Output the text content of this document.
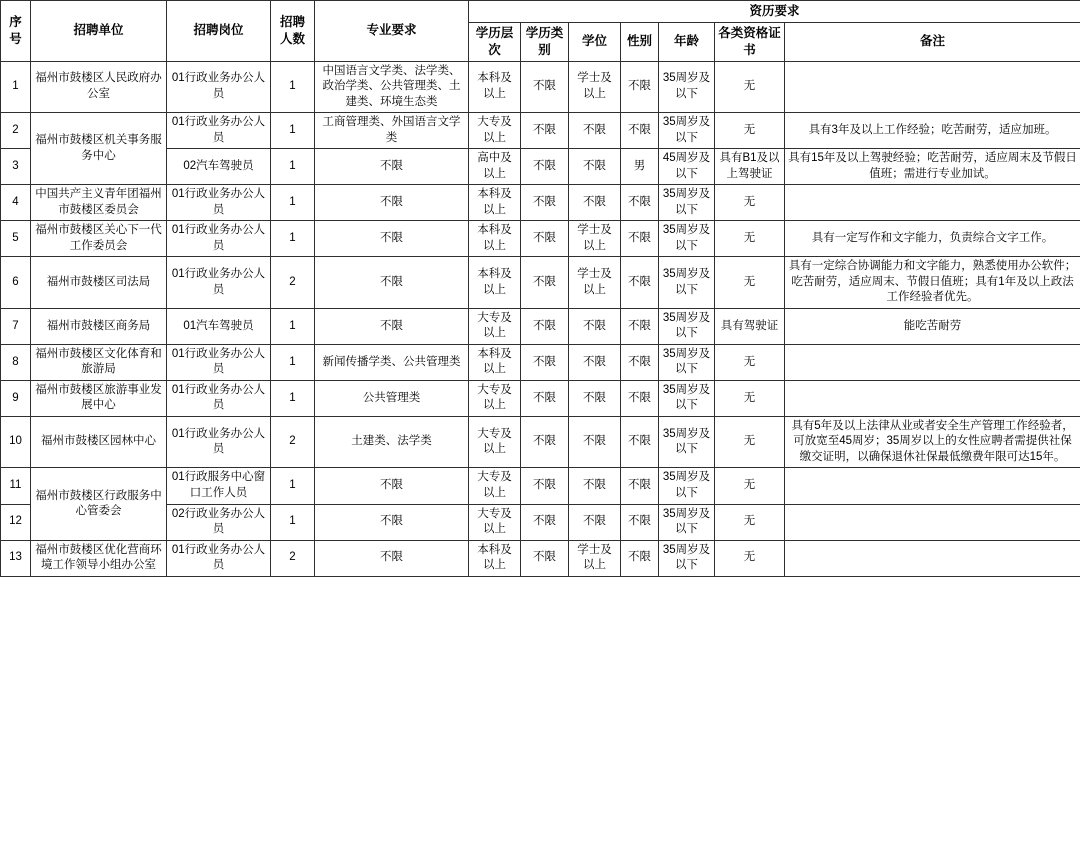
序号	招聘单位	招聘岗位	招聘人数	专业要求	资历要求						
					学历层次	学历类别	学位	性别	年龄	各类资格证书	备注
1	福州市鼓楼区人民政府办公室	01行政业务办公人员	1	中国语言文学类、法学类、政治学类、公共管理类、土建类、环境生态类	本科及以上	不限	学士及以上	不限	35周岁及以下	无	
2	福州市鼓楼区机关事务服务中心	01行政业务办公人员	1	工商管理类、外国语言文学类	大专及以上	不限	不限	不限	35周岁及以下	无	具有3年及以上工作经验；吃苦耐劳，适应加班。
3		02汽车驾驶员	1	不限	高中及以上	不限	不限	男	45周岁及以下	具有B1及以上驾驶证	具有15年及以上驾驶经验；吃苦耐劳，适应周末及节假日值班；需进行专业加试。
4	中国共产主义青年团福州市鼓楼区委员会	01行政业务办公人员	1	不限	本科及以上	不限	不限	不限	35周岁及以下	无	
5	福州市鼓楼区关心下一代工作委员会	01行政业务办公人员	1	不限	本科及以上	不限	学士及以上	不限	35周岁及以下	无	具有一定写作和文字能力，负责综合文字工作。
6	福州市鼓楼区司法局	01行政业务办公人员	2	不限	本科及以上	不限	学士及以上	不限	35周岁及以下	无	具有一定综合协调能力和文字能力，熟悉使用办公软件；吃苦耐劳，适应周末、节假日值班；具有1年及以上政法工作经验者优先。
7	福州市鼓楼区商务局	01汽车驾驶员	1	不限	大专及以上	不限	不限	不限	35周岁及以下	具有驾驶证	能吃苦耐劳
8	福州市鼓楼区文化体育和旅游局	01行政业务办公人员	1	新闻传播学类、公共管理类	本科及以上	不限	不限	不限	35周岁及以下	无	
9	福州市鼓楼区旅游事业发展中心	01行政业务办公人员	1	公共管理类	大专及以上	不限	不限	不限	35周岁及以下	无	
10	福州市鼓楼区园林中心	01行政业务办公人员	2	土建类、法学类	大专及以上	不限	不限	不限	35周岁及以下	无	具有5年及以上法律从业或者安全生产管理工作经验者，可放宽至45周岁；35周岁以上的女性应聘者需提供社保缴交证明，以确保退休社保最低缴费年限可达15年。
11	福州市鼓楼区行政服务中心管委会	01行政服务中心窗口工作人员	1	不限	大专及以上	不限	不限	不限	35周岁及以下	无	
12		02行政业务办公人员	1	不限	大专及以上	不限	不限	不限	35周岁及以下	无	
13	福州市鼓楼区优化营商环境工作领导小组办公室	01行政业务办公人员	2	不限	本科及以上	不限	学士及以上	不限	35周岁及以下	无	
